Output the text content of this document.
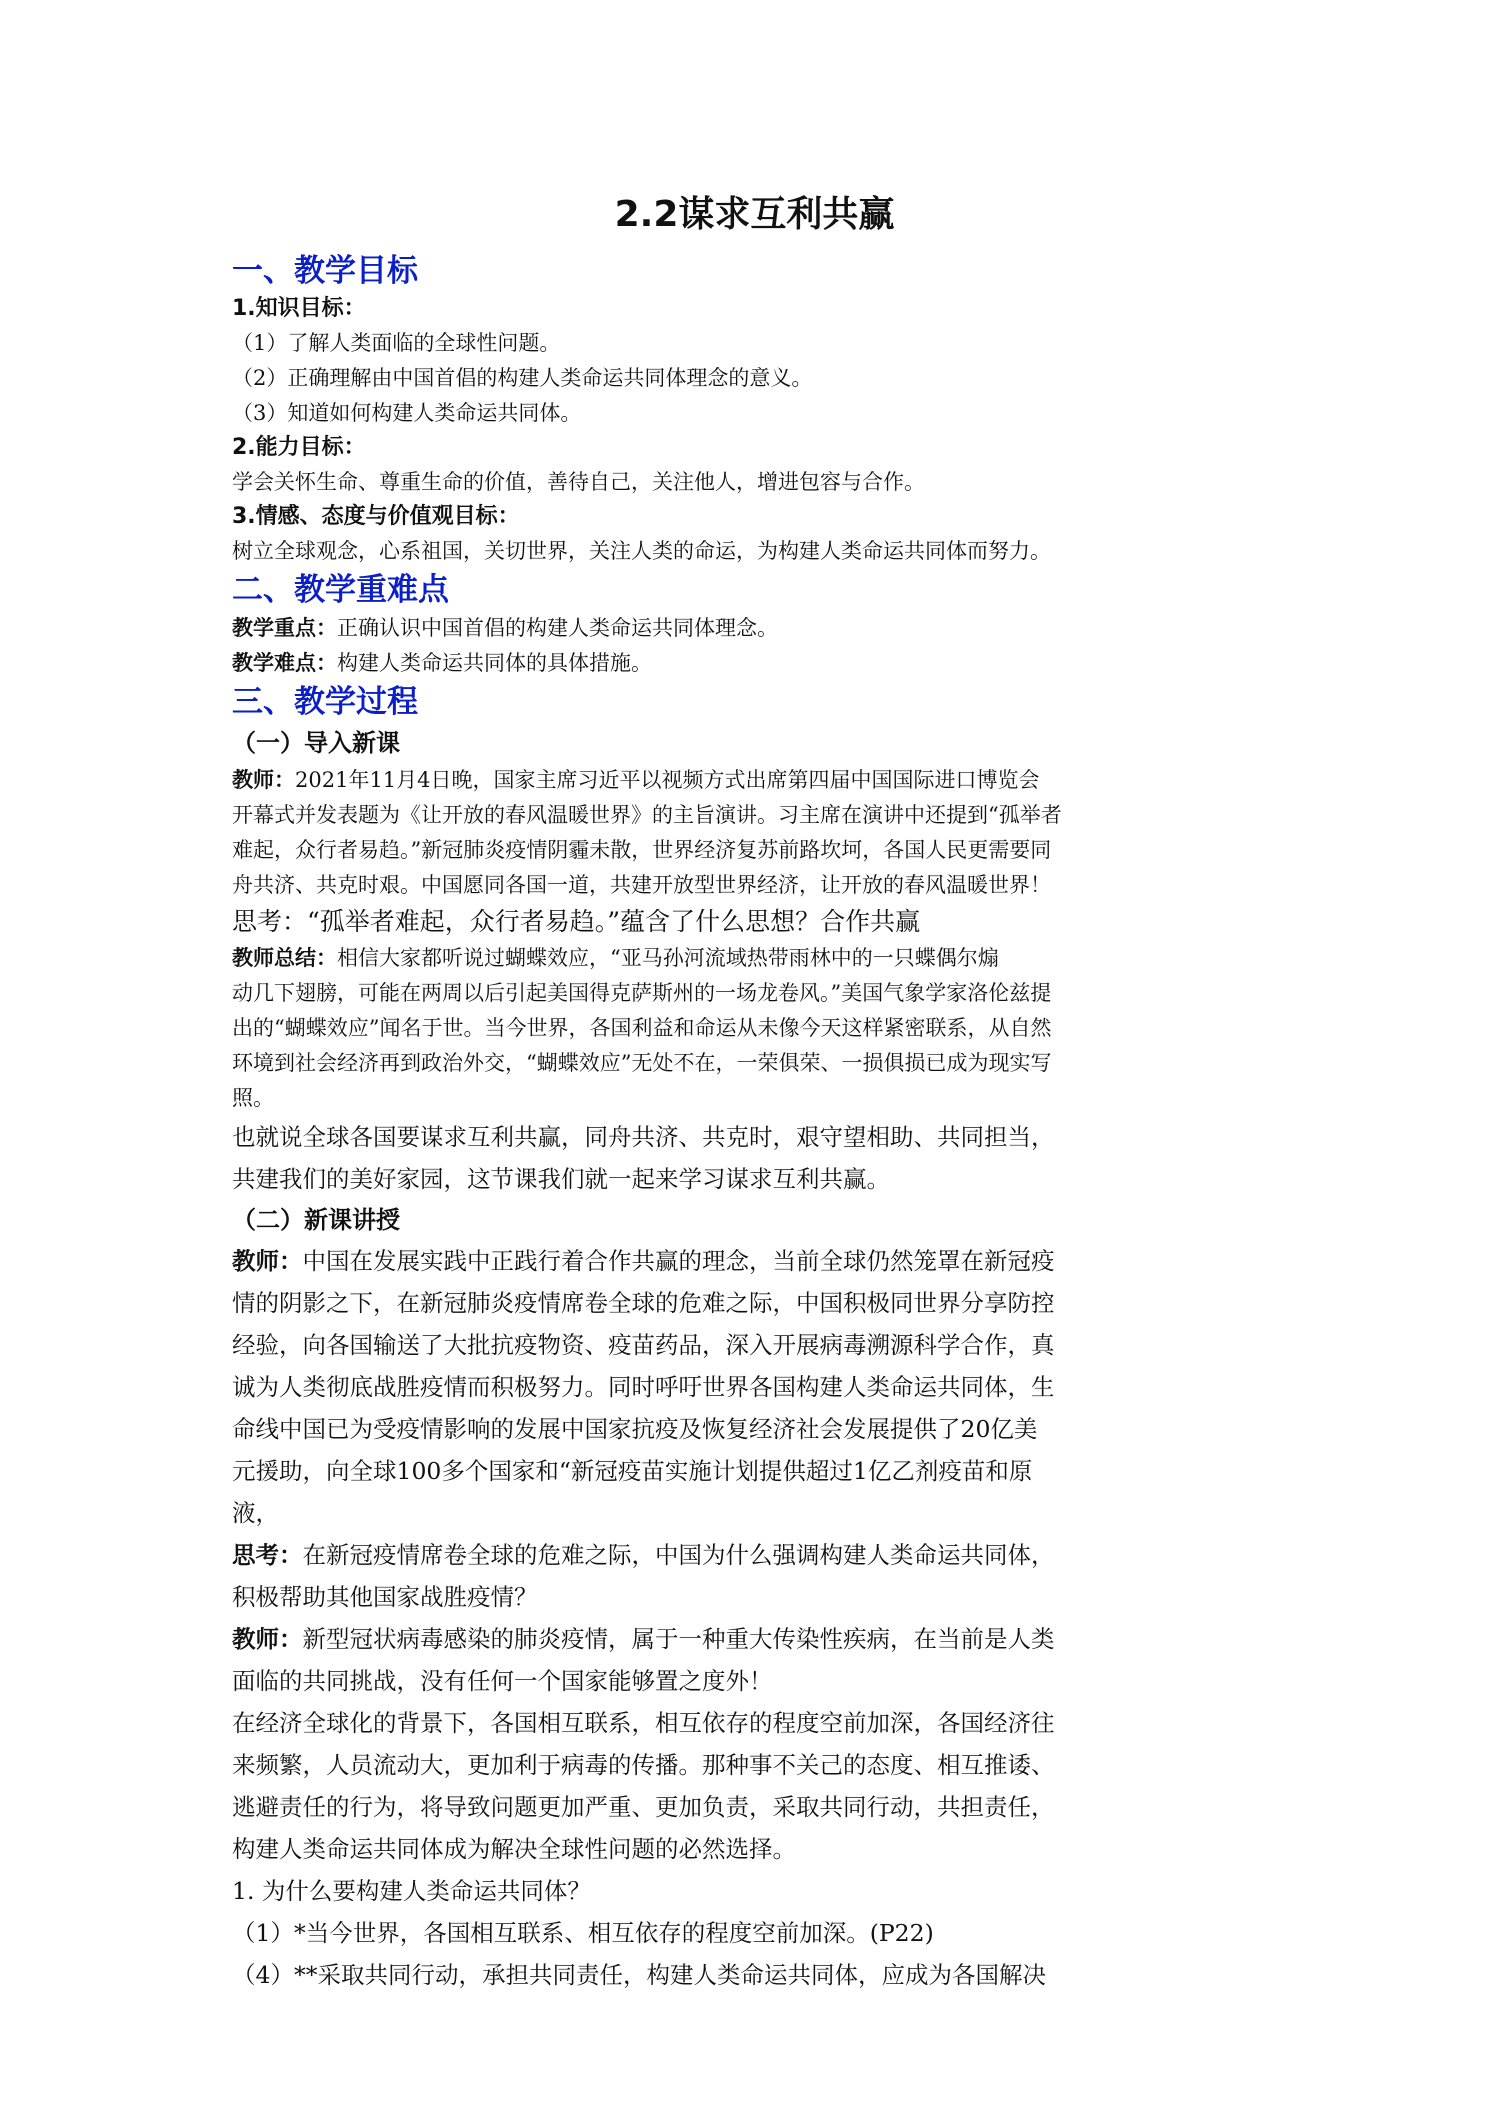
2.2谋求互利共赢
一、教学目标
1.知识目标：
（1）了解人类面临的全球性问题。
（2）正确理解由中国首倡的构建人类命运共同体理念的意义。
（3）知道如何构建人类命运共同体。
2.能力目标：
学会关怀生命、尊重生命的价值，善待自己，关注他人，增进包容与合作。
3.情感、态度与价值观目标：
树立全球观念，心系祖国，关切世界，关注人类的命运，为构建人类命运共同体而努力。
二、教学重难点
教学重点：正确认识中国首倡的构建人类命运共同体理念。
教学难点：构建人类命运共同体的具体措施。
三、教学过程
（一）导入新课
教师：2021年11月4日晚，国家主席习近平以视频方式出席第四届中国国际进口博览会
开幕式并发表题为《让开放的春风温暖世界》的主旨演讲。习主席在演讲中还提到“孤举者
难起，众行者易趋。”新冠肺炎疫情阴霾未散，世界经济复苏前路坎坷，各国人民更需要同
舟共济、共克时艰。中国愿同各国一道，共建开放型世界经济，让开放的春风温暖世界！
思考：“孤举者难起，众行者易趋。”蕴含了什么思想？合作共赢
教师总结：相信大家都听说过蝴蝶效应，“亚马孙河流域热带雨林中的一只蝶偶尔煽
动几下翅膀，可能在两周以后引起美国得克萨斯州的一场龙卷风。”美国气象学家洛伦兹提
出的“蝴蝶效应”闻名于世。当今世界，各国利益和命运从未像今天这样紧密联系，从自然
环境到社会经济再到政治外交，“蝴蝶效应”无处不在，一荣俱荣、一损俱损已成为现实写
照。
也就说全球各国要谋求互利共赢，同舟共济、共克时，艰守望相助、共同担当，
共建我们的美好家园，这节课我们就一起来学习谋求互利共赢。
（二）新课讲授
教师：中国在发展实践中正践行着合作共赢的理念，当前全球仍然笼罩在新冠疫
情的阴影之下，在新冠肺炎疫情席卷全球的危难之际，中国积极同世界分享防控
经验，向各国输送了大批抗疫物资、疫苗药品，深入开展病毒溯源科学合作，真
诚为人类彻底战胜疫情而积极努力。同时呼吁世界各国构建人类命运共同体，生
命线中国已为受疫情影响的发展中国家抗疫及恢复经济社会发展提供了20亿美
元援助，向全球100多个国家和“新冠疫苗实施计划提供超过1亿乙剂疫苗和原
液，
思考：在新冠疫情席卷全球的危难之际，中国为什么强调构建人类命运共同体，
积极帮助其他国家战胜疫情？
教师：新型冠状病毒感染的肺炎疫情，属于一种重大传染性疾病，在当前是人类
面临的共同挑战，没有任何一个国家能够置之度外！
在经济全球化的背景下，各国相互联系，相互依存的程度空前加深，各国经济往
来频繁，人员流动大，更加利于病毒的传播。那种事不关己的态度、相互推诿、
逃避责任的行为，将导致问题更加严重、更加负责，采取共同行动，共担责任，
构建人类命运共同体成为解决全球性问题的必然选择。
1. 为什么要构建人类命运共同体？
（1）*当今世界，各国相互联系、相互依存的程度空前加深。(P22)
（4）**采取共同行动，承担共同责任，构建人类命运共同体，应成为各国解决
